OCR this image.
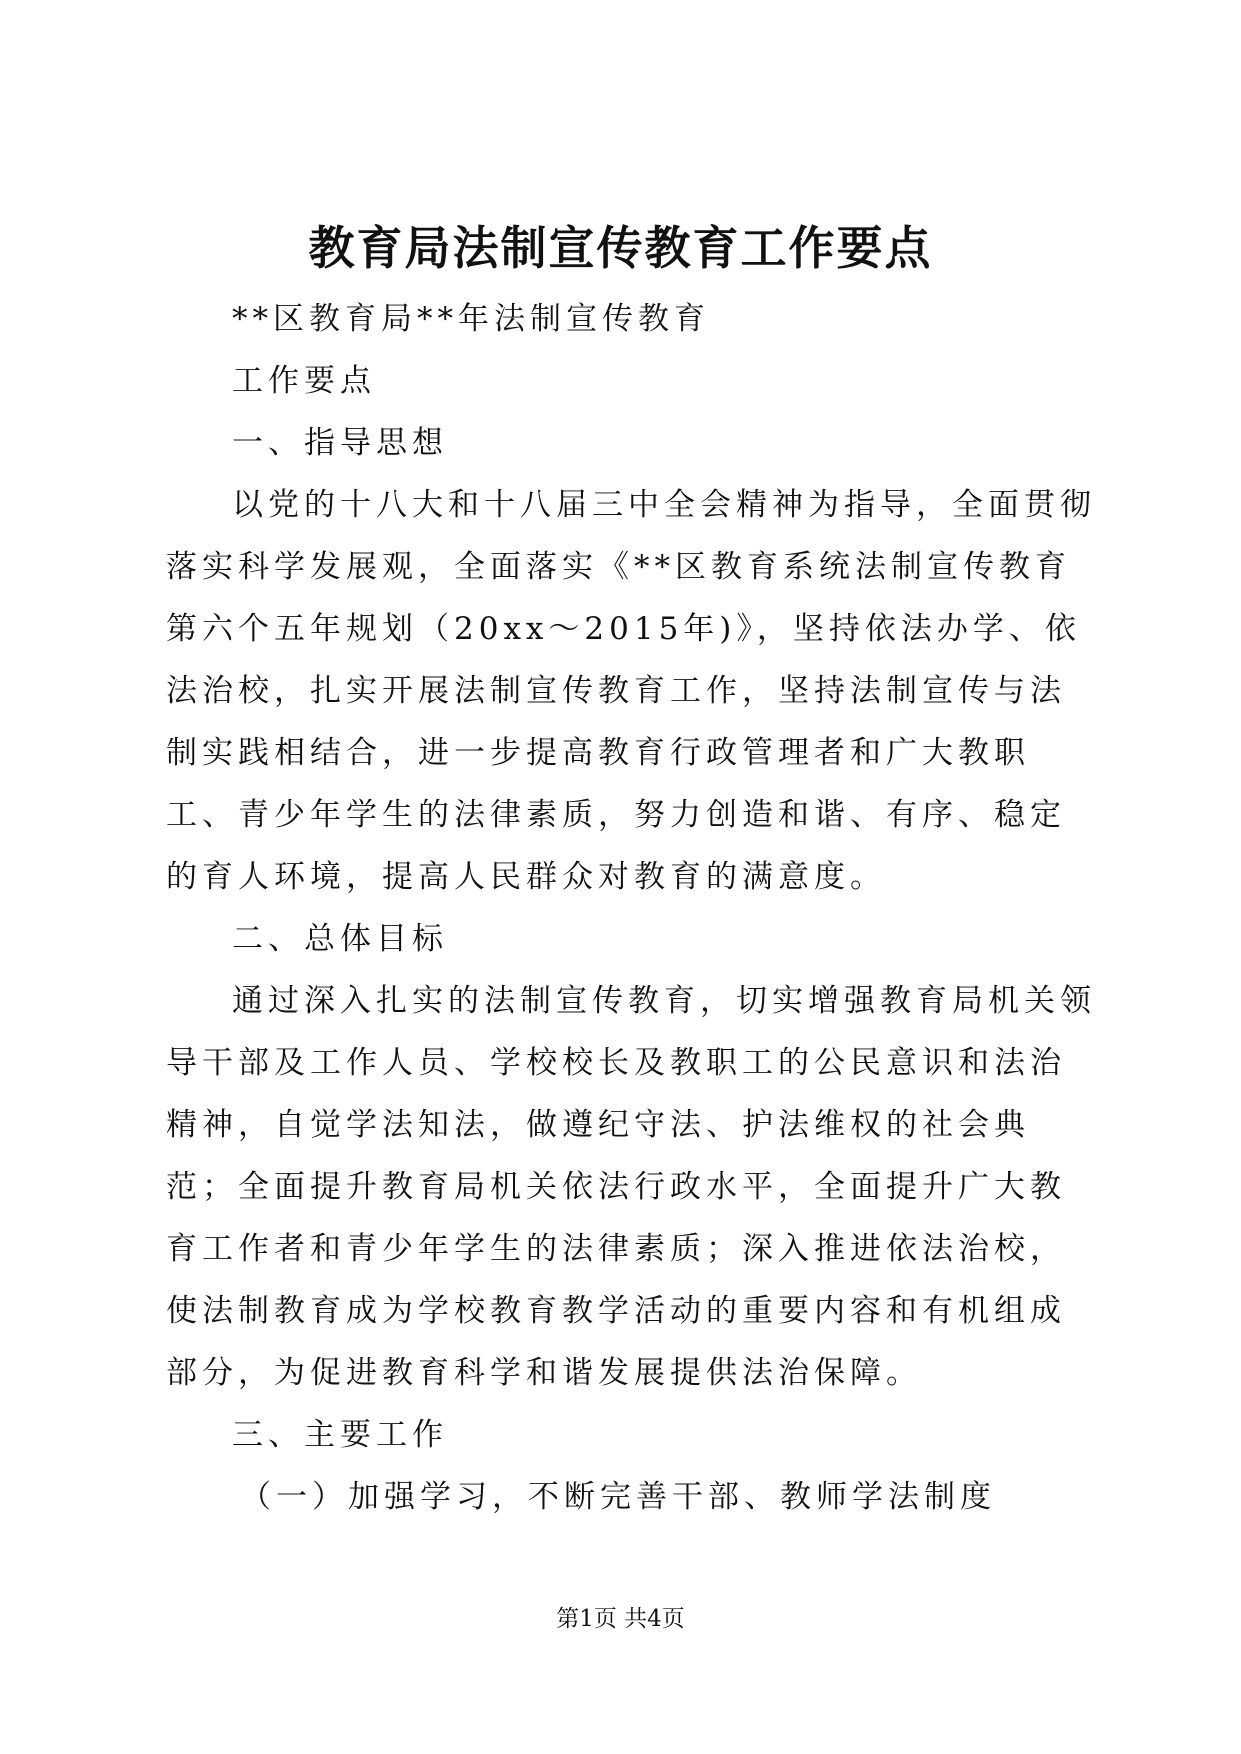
教育局法制宣传教育工作要点

**区教育局**年法制宣传教育

工作要点

一、指导思想

以党的十八大和十八届三中全会精神为指导，全面贯彻落实科学发展观，全面落实《**区教育系统法制宣传教育第六个五年规划（20xx～2015年)》，坚持依法办学、依法治校，扎实开展法制宣传教育工作，坚持法制宣传与法制实践相结合，进一步提高教育行政管理者和广大教职工、青少年学生的法律素质，努力创造和谐、有序、稳定的育人环境，提高人民群众对教育的满意度。

二、总体目标

通过深入扎实的法制宣传教育，切实增强教育局机关领导干部及工作人员、学校校长及教职工的公民意识和法治精神，自觉学法知法，做遵纪守法、护法维权的社会典范；全面提升教育局机关依法行政水平，全面提升广大教育工作者和青少年学生的法律素质；深入推进依法治校，使法制教育成为学校教育教学活动的重要内容和有机组成部分，为促进教育科学和谐发展提供法治保障。

三、主要工作

（一）加强学习，不断完善干部、教师学法制度

第1页 共4页
